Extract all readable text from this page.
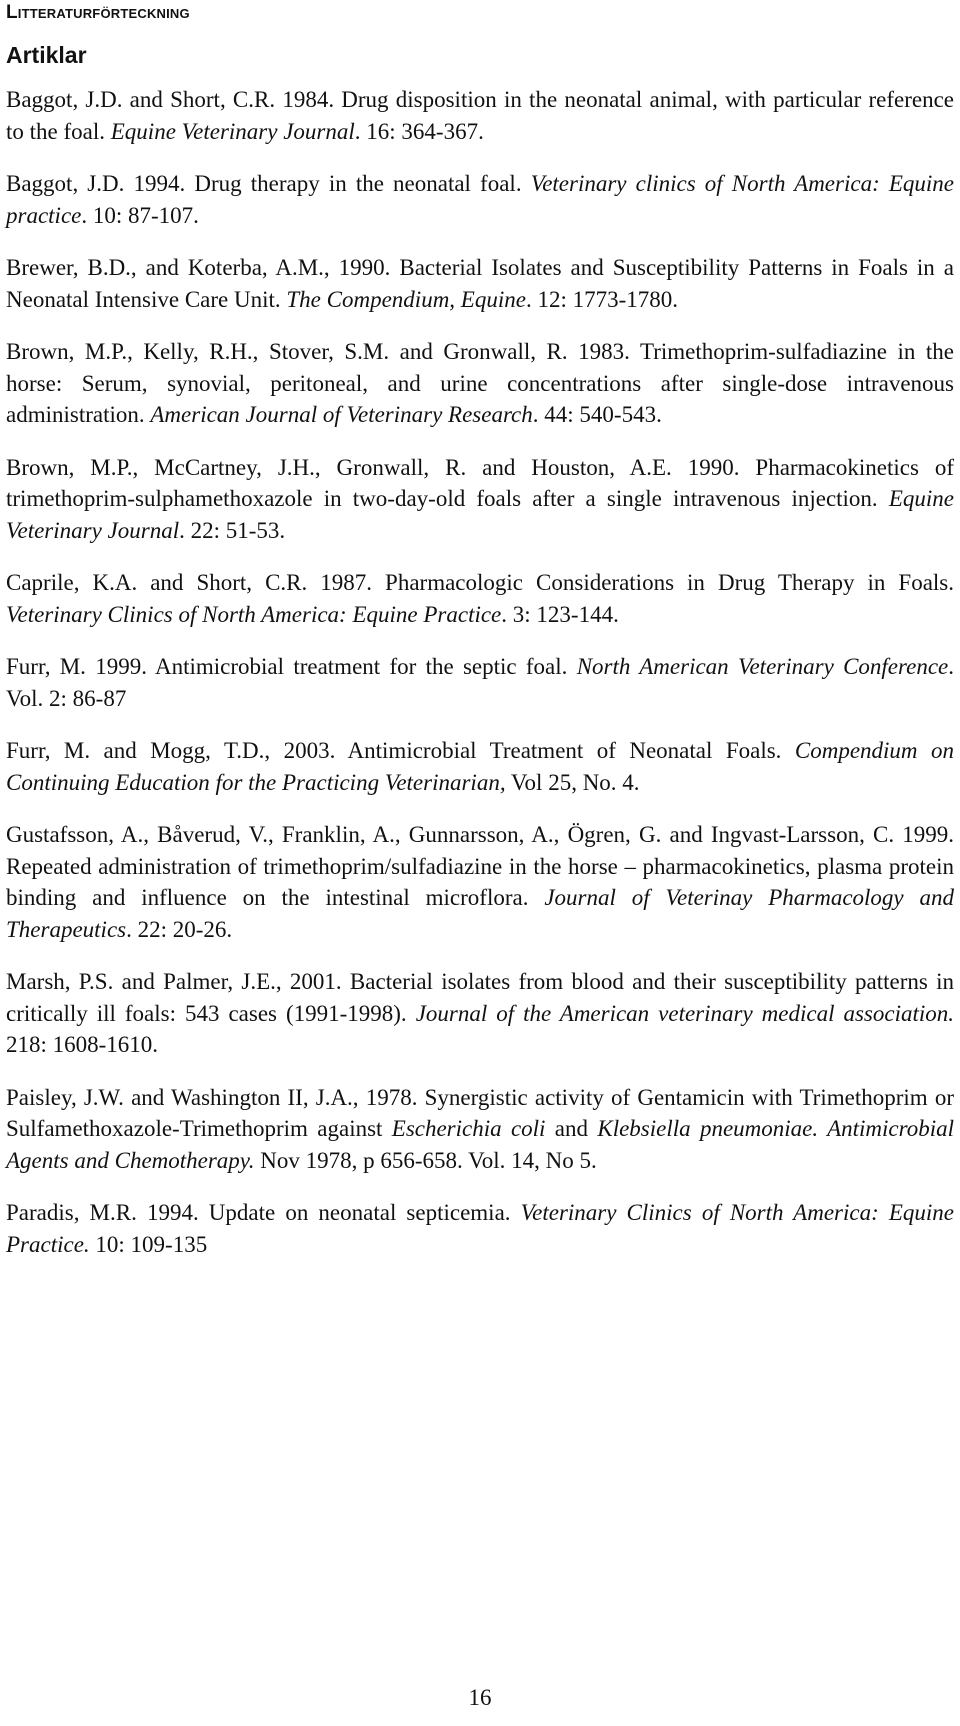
Litteraturförteckning
Artiklar
Baggot, J.D. and Short, C.R. 1984. Drug disposition in the neonatal animal, with particular reference to the foal. Equine Veterinary Journal. 16: 364-367.
Baggot, J.D. 1994. Drug therapy in the neonatal foal. Veterinary clinics of North America: Equine practice. 10: 87-107.
Brewer, B.D., and Koterba, A.M., 1990. Bacterial Isolates and Susceptibility Patterns in Foals in a Neonatal Intensive Care Unit. The Compendium, Equine. 12: 1773-1780.
Brown, M.P., Kelly, R.H., Stover, S.M. and Gronwall, R. 1983. Trimethoprim-sulfadiazine in the horse: Serum, synovial, peritoneal, and urine concentrations after single-dose intravenous administration. American Journal of Veterinary Research. 44: 540-543.
Brown, M.P., McCartney, J.H., Gronwall, R. and Houston, A.E. 1990. Pharmacokinetics of trimethoprim-sulphamethoxazole in two-day-old foals after a single intravenous injection. Equine Veterinary Journal. 22: 51-53.
Caprile, K.A. and Short, C.R. 1987. Pharmacologic Considerations in Drug Therapy in Foals. Veterinary Clinics of North America: Equine Practice. 3: 123-144.
Furr, M. 1999. Antimicrobial treatment for the septic foal. North American Veterinary Conference. Vol. 2: 86-87
Furr, M. and Mogg, T.D., 2003. Antimicrobial Treatment of Neonatal Foals. Compendium on Continuing Education for the Practicing Veterinarian, Vol 25, No. 4.
Gustafsson, A., Båverud, V., Franklin, A., Gunnarsson, A., Ögren, G. and Ingvast-Larsson, C. 1999. Repeated administration of trimethoprim/sulfadiazine in the horse – pharmacokinetics, plasma protein binding and influence on the intestinal microflora. Journal of Veterinay Pharmacology and Therapeutics. 22: 20-26.
Marsh, P.S. and Palmer, J.E., 2001. Bacterial isolates from blood and their susceptibility patterns in critically ill foals: 543 cases (1991-1998). Journal of the American veterinary medical association. 218: 1608-1610.
Paisley, J.W. and Washington II, J.A., 1978. Synergistic activity of Gentamicin with Trimethoprim or Sulfamethoxazole-Trimethoprim against Escherichia coli and Klebsiella pneumoniae. Antimicrobial Agents and Chemotherapy. Nov 1978, p 656-658. Vol. 14, No 5.
Paradis, M.R. 1994. Update on neonatal septicemia. Veterinary Clinics of North America: Equine Practice. 10: 109-135
16
